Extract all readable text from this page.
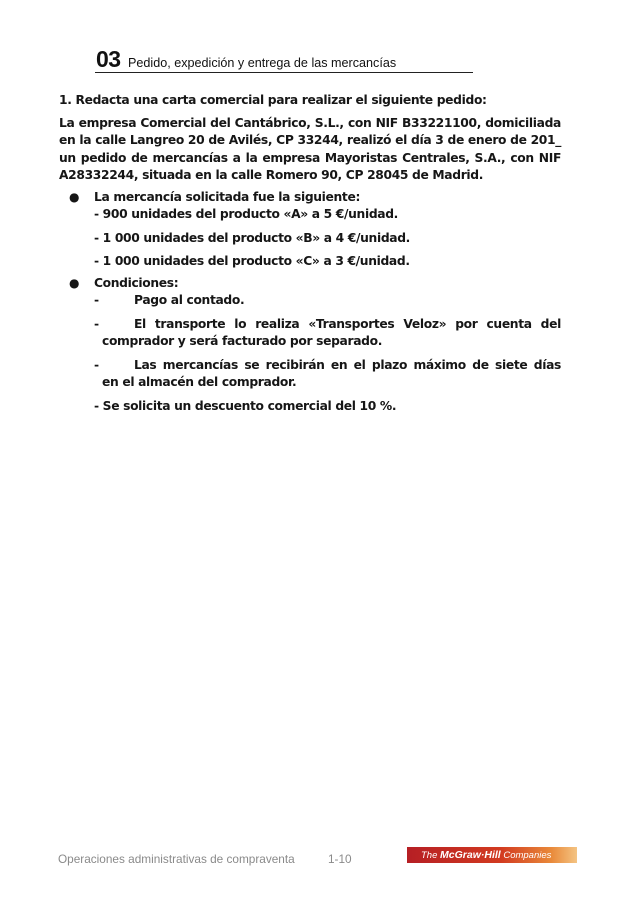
03 Pedido, expedición y entrega de las mercancías

1. Redacta una carta comercial para realizar el siguiente pedido:

La empresa Comercial del Cantábrico, S.L., con NIF B33221100, domiciliada en la calle Langreo 20 de Avilés, CP 33244, realizó el día 3 de enero de 201_ un pedido de mercancías a la empresa Mayoristas Centrales, S.A., con NIF A28332244, situada en la calle Romero 90, CP 28045 de Madrid.

● La mercancía solicitada fue la siguiente:
- 900 unidades del producto «A» a 5 €/unidad.
- 1 000 unidades del producto «B» a 4 €/unidad.
- 1 000 unidades del producto «C» a 3 €/unidad.
● Condiciones:
-	Pago al contado.
-	El transporte lo realiza «Transportes Veloz» por cuenta del
comprador y será facturado por separado.
-	Las mercancías se recibirán en el plazo máximo de siete días
en el almacén del comprador.
- Se solicita un descuento comercial del 10 %.
Operaciones administrativas de compraventa	1-10	The
McGraw·Hill
Companies
